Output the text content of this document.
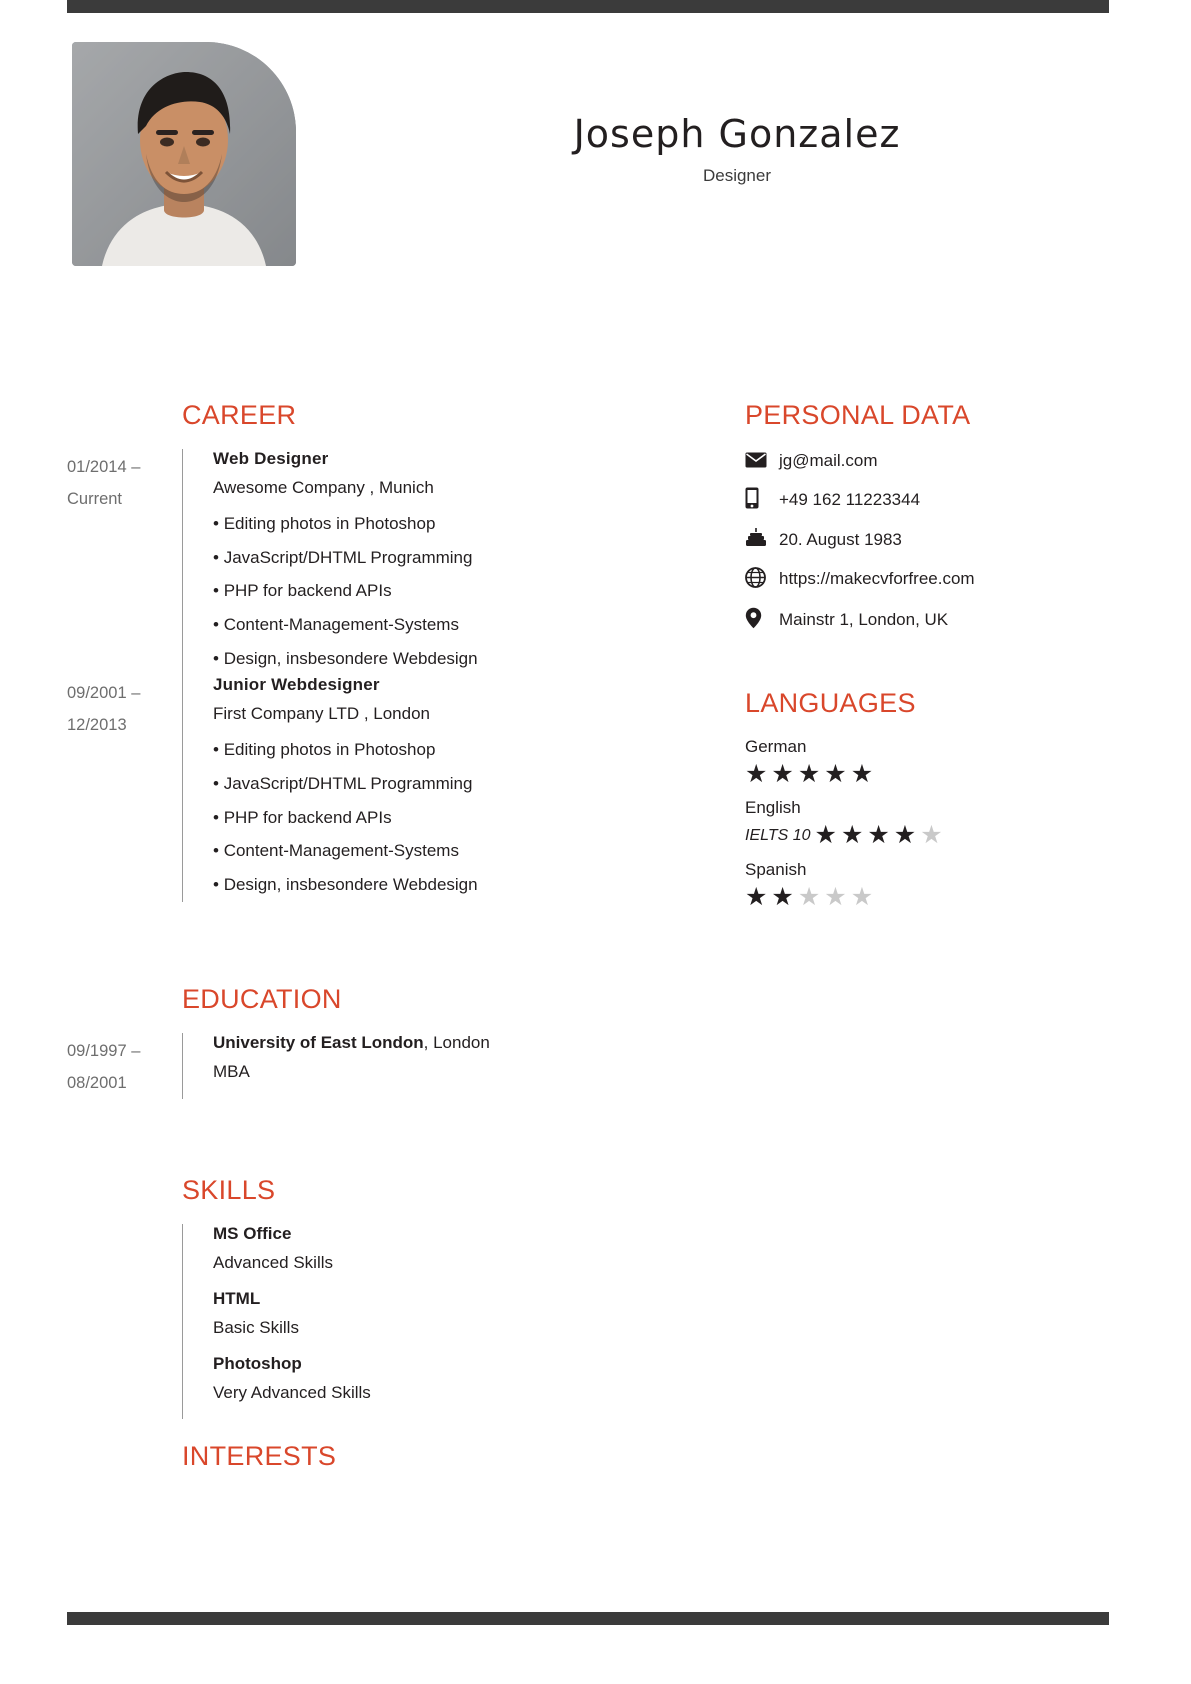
Joseph Gonzalez
Designer
CAREER
01/2014 –
Current
Web Designer
Awesome Company , Munich
• Editing photos in Photoshop
• JavaScript/DHTML Programming
• PHP for backend APIs
• Content-Management-Systems
• Design, insbesondere Webdesign
09/2001 –
12/2013
Junior Webdesigner
First Company LTD , London
• Editing photos in Photoshop
• JavaScript/DHTML Programming
• PHP for backend APIs
• Content-Management-Systems
• Design, insbesondere Webdesign
EDUCATION
09/1997 –
08/2001
University of East London, London
MBA
SKILLS
MS Office
Advanced Skills
HTML
Basic Skills
Photoshop
Very Advanced Skills
INTERESTS
PERSONAL DATA
jg@mail.com
+49 162 11223344
20. August 1983
https://makecvforfree.com
Mainstr 1, London, UK
LANGUAGES
German
★★★★★
English
IELTS 10 ★★★★★
Spanish
★★★★★
